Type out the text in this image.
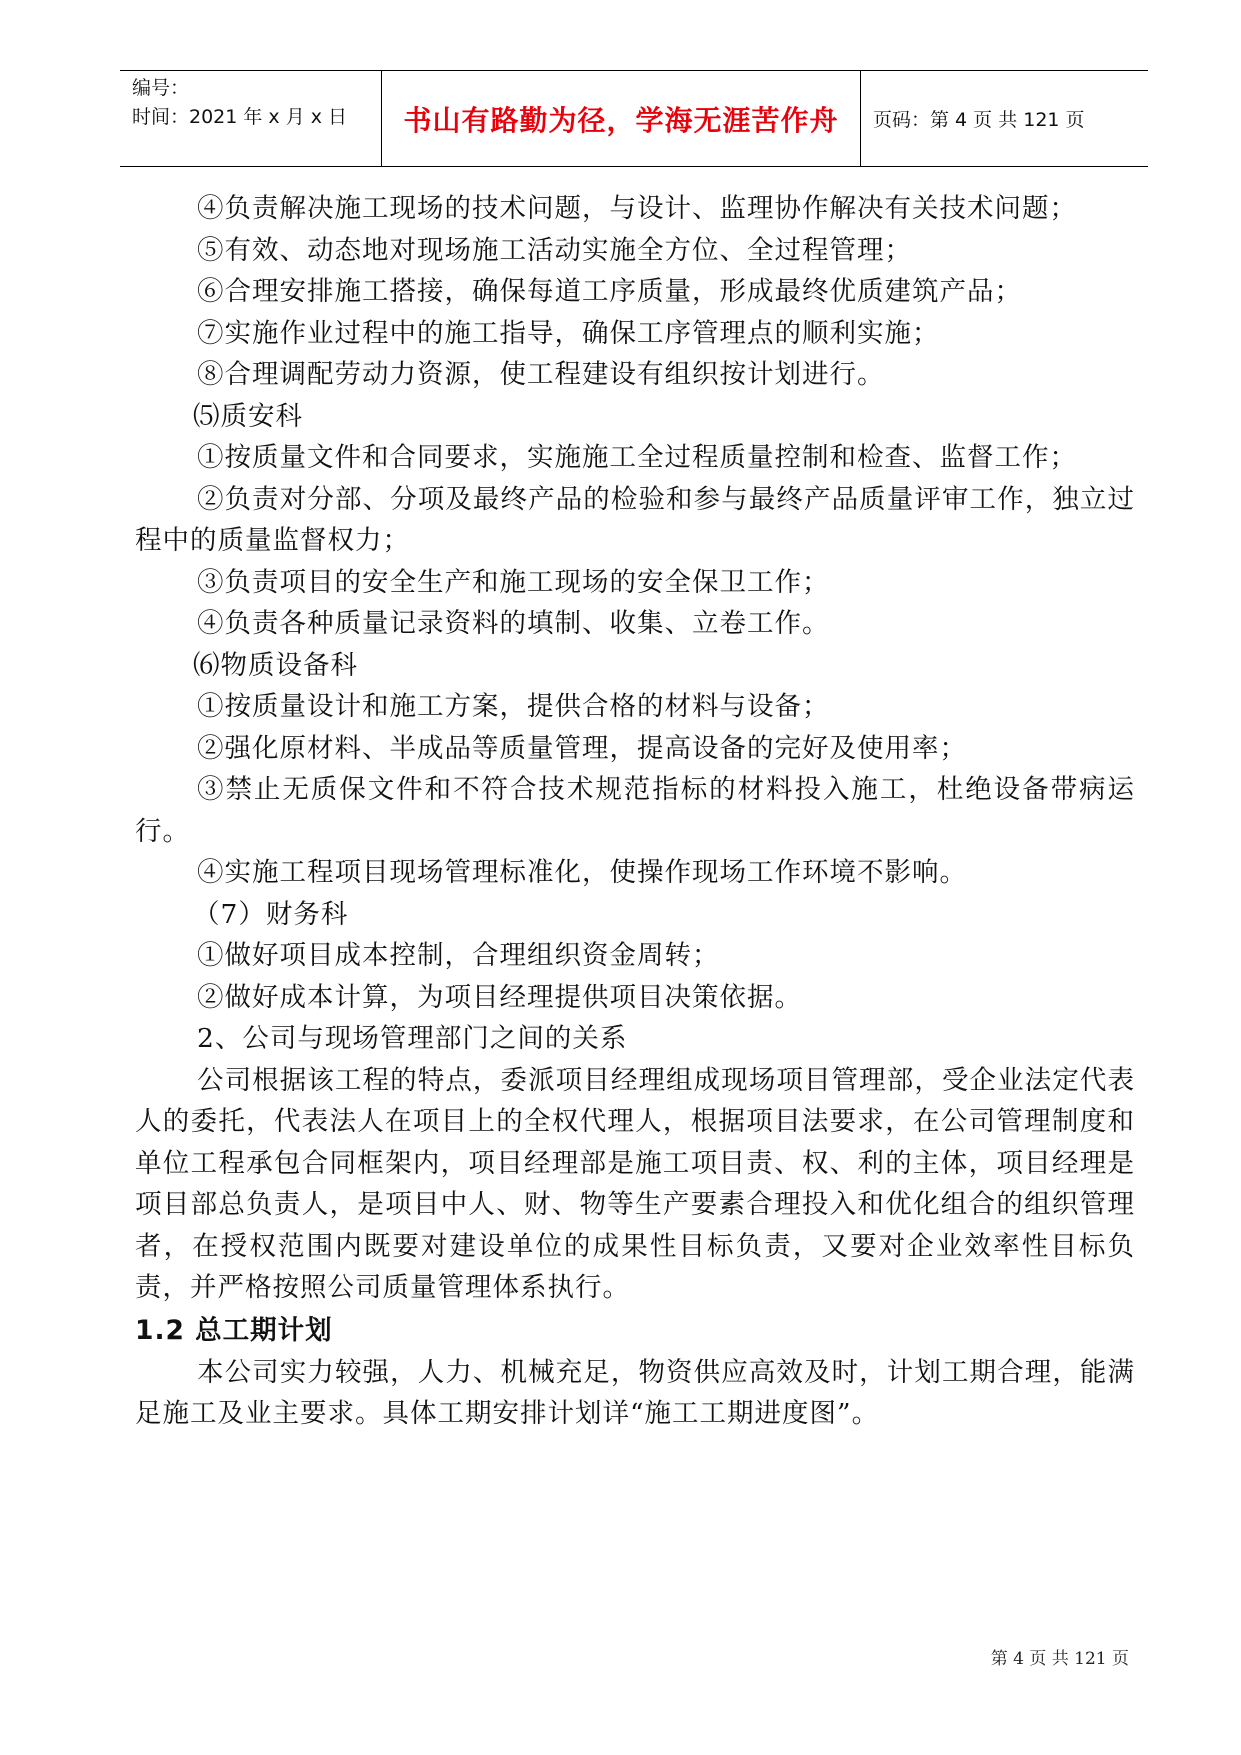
编号：
时间：2021 年 x 月 x 日	书山有路勤为径，学海无涯苦作舟	页码：第 4 页 共 121 页

④负责解决施工现场的技术问题，与设计、监理协作解决有关技术问题；

⑤有效、动态地对现场施工活动实施全方位、全过程管理；

⑥合理安排施工搭接，确保每道工序质量，形成最终优质建筑产品；

⑦实施作业过程中的施工指导，确保工序管理点的顺利实施；

⑧合理调配劳动力资源，使工程建设有组织按计划进行。

⑸质安科

①按质量文件和合同要求，实施施工全过程质量控制和检查、监督工作；

②负责对分部、分项及最终产品的检验和参与最终产品质量评审工作，独立过程中的质量监督权力；

③负责项目的安全生产和施工现场的安全保卫工作；

④负责各种质量记录资料的填制、收集、立卷工作。

⑹物质设备科

①按质量设计和施工方案，提供合格的材料与设备；

②强化原材料、半成品等质量管理，提高设备的完好及使用率；

③禁止无质保文件和不符合技术规范指标的材料投入施工，杜绝设备带病运行。

④实施工程项目现场管理标准化，使操作现场工作环境不影响。

（7）财务科

①做好项目成本控制，合理组织资金周转；

②做好成本计算，为项目经理提供项目决策依据。

2、公司与现场管理部门之间的关系

公司根据该工程的特点，委派项目经理组成现场项目管理部，受企业法定代表人的委托，代表法人在项目上的全权代理人，根据项目法要求，在公司管理制度和单位工程承包合同框架内，项目经理部是施工项目责、权、利的主体，项目经理是项目部总负责人，是项目中人、财、物等生产要素合理投入和优化组合的组织管理者，在授权范围内既要对建设单位的成果性目标负责，又要对企业效率性目标负责，并严格按照公司质量管理体系执行。

1.2 总工期计划

本公司实力较强，人力、机械充足，物资供应高效及时，计划工期合理，能满足施工及业主要求。具体工期安排计划详“施工工期进度图”。

第 4 页 共 121 页
